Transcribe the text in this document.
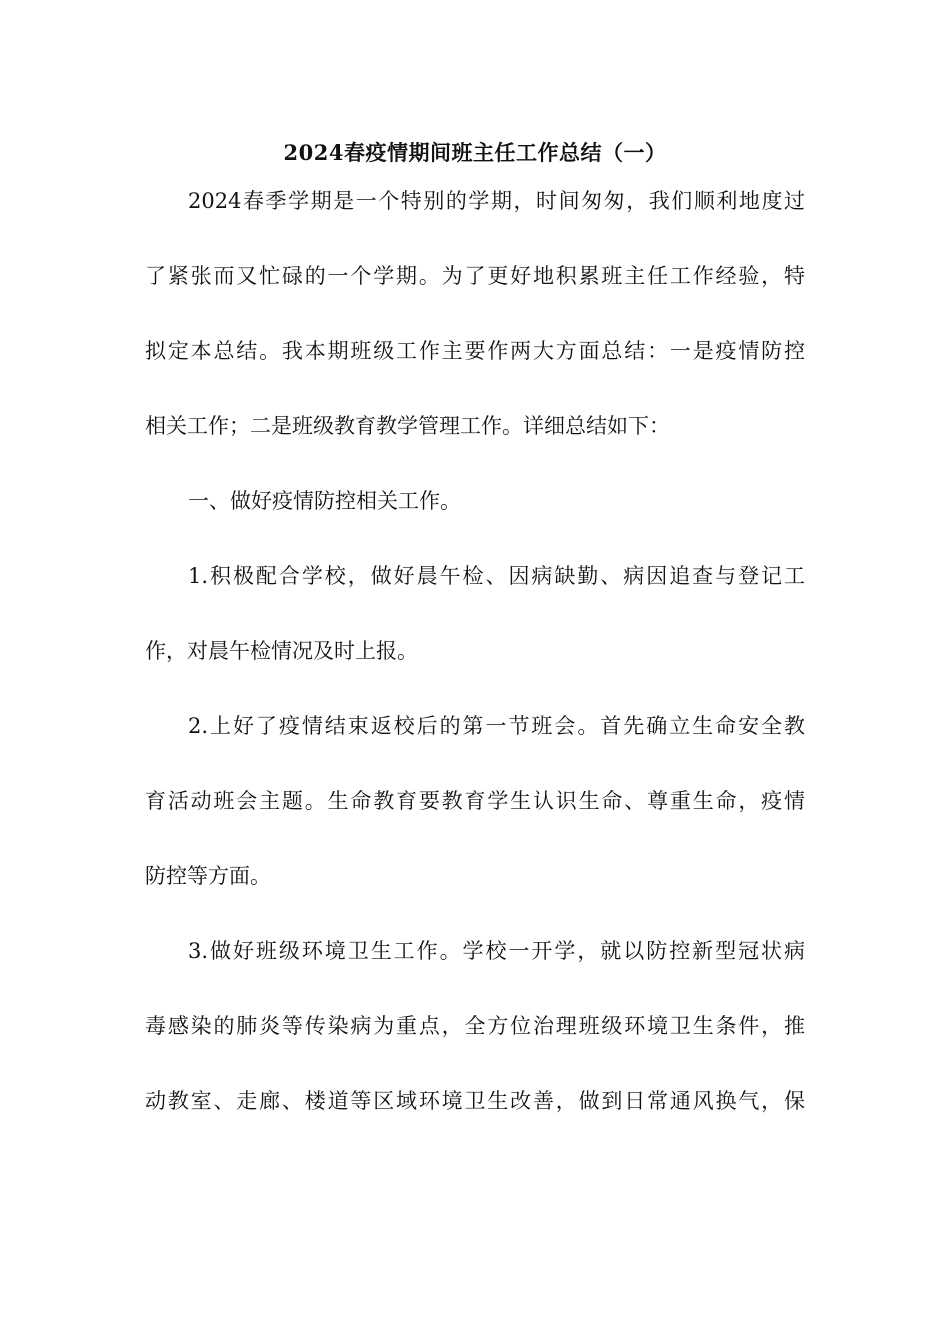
2024春疫情期间班主任工作总结（一）
2024春季学期是一个特别的学期，时间匆匆，我们顺利地度过
了紧张而又忙碌的一个学期。为了更好地积累班主任工作经验，特
拟定本总结。我本期班级工作主要作两大方面总结：一是疫情防控
相关工作；二是班级教育教学管理工作。详细总结如下：
一、做好疫情防控相关工作。
1.积极配合学校，做好晨午检、因病缺勤、病因追查与登记工
作，对晨午检情况及时上报。
2.上好了疫情结束返校后的第一节班会。首先确立生命安全教
育活动班会主题。生命教育要教育学生认识生命、尊重生命，疫情
防控等方面。
3.做好班级环境卫生工作。学校一开学，就以防控新型冠状病
毒感染的肺炎等传染病为重点，全方位治理班级环境卫生条件，推
动教室、走廊、楼道等区域环境卫生改善，做到日常通风换气，保
